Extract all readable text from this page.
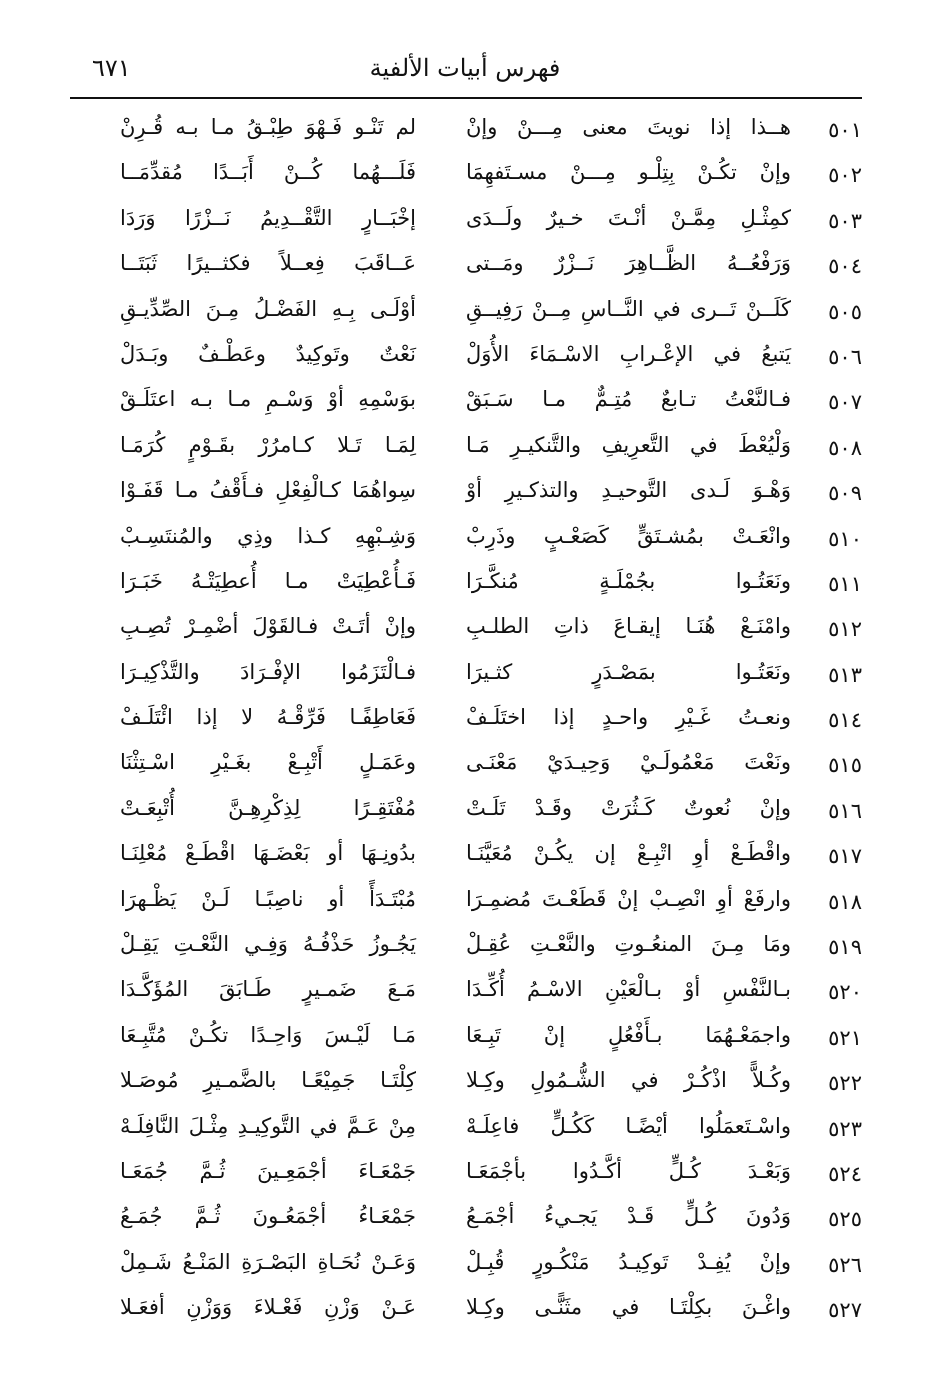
٦٧١	فهرس أبيات الألفية
٥٠١
هــذا إذا نويتَ معنى مِـــنْ وإنْ
لم تَنْـو فَـهْوَ طِبْـقُ مـا بـه قُـرِنْ
٥٠٢
وإنْ تكُـنْ بِتِلْـو مِـــنْ مسـتَفهِمَا
فَلَـــهُما كُــنْ أَبَــدًا مُقدِّمَــا
٥٠٣
كمِثْـلِ مِمَّـنْ أنْـتَ خـيرٌ ولَــدَى
إخْبَــارٍ التَّقْــدِيمُ نَــزْرًا وَرَدَا
٥٠٤
وَرَفْعُــهُ الظَّــاهِرَ نَــزْرٌ ومَــتى
عَــاقَبَ فِعــلاً فكثــيرًا ثَبَتَــا
٥٠٥
كَلَــنْ تَــرى في النَّــاسِ مِــنْ رَفِيــقِ
أوْلَـى بِـهِ الفَضْـلُ مِـنَ الصِّدِّيـقِ
٥٠٦
يَتبعُ في الإعْـرابِ الاسْـمَاءَ الأُوَلْ
نَعْتٌ وتَوكِيدٌ وعَطْـفٌ وبَـدَلْ
٥٠٧
فـالنَّعْتُ تـابعٌ مُتِـمٌّ مـا سَـبَقْ
بوَسْمِهِ أوْ وَسْـمِ مـا بـه اعتَلَـقْ
٥٠٨
وَلْيُعْطَ في التَّعرِيفِ والتَّنكيـرِ مَـا
لِمَـا تَـلا كـامرُرْ بقَـوْمٍ كُرَمَـا
٥٠٩
وَهْـوَ لَـدى التَّوحيـدِ والتذكـيرِ أوْ
سِواهُمَا كـالْفِعْلِ فـأَقْفُ مـا قَفَـوْا
٥١٠
وانْعَـتْ بمُشـتَقٍّ كَصَعْـبٍ وذَرِبْ
وَشِـبْهِهِ كـذا وذِي والمُنتَسِـبْ
٥١١
ونَعَتُـوا بجُمْلَـةٍ مُنكَّـرَا
فَـأُعْطِيَتْ مـا أُعطِيَتْـهُ خَبَـرَا
٥١٢
وامْنَـعْ هُنَـا إيقـاعَ ذاتِ الطلـبِ
وإنْ أتَـتْ فـالقَوْلَ أضْمِـرْ تُصِـبِ
٥١٣
ونَعَتُـوا بمَصْـدَرٍ كثـيرَا
فـالْتَزَمُوا الإفْـرَادَ والتَّذْكِيـرَا
٥١٤
ونعـتُ غَـيْرِ واحـدٍ إذا اختَلَـفْ
فَعَاطِفًـا فَرِّقْـهُ لا إذا ائْتَلَـفْ
٥١٥
ونَعْتَ مَعْمُولَـيْ وَحِيـدَيْ مَعْنَـى
وعَمَـلٍ أَتْبِـعْ بغَـيْرِ اسْـتِثْنَا
٥١٦
وإنْ نُعوتٌ كَـثُرَتْ وقَـدْ تَلَـتْ
مُفْتَقِـرًا لِذِكْرِهِـنَّ أُتْبِعَـتْ
٥١٧
واقْطَـعْ أوِ اتْبِـعْ إن يكُـنْ مُعَيَّنَـا
بدُونِـهَا أو بَعْضَـهَا اقْطَـعْ مُعْلِنَـا
٥١٨
وارفَعْ أوِ انْصِـبْ إنْ قَطَعْـتَ مُضمِـرَا
مُبْتَـدَأً أو ناصِبًـا لَـنْ يَظْـهرَا
٥١٩
ومَا مِـنَ المنعُـوتِ والنَّعْـتِ عُقِـلْ
يَجُـوزُ حَذْفُـهُ وَفِـي النَّعْـتِ يَقِـلْ
٥٢٠
بـالنَّفْسِ أوْ بـالْعَيْنِ الاسْـمُ أُكِّـدَا
مَـعَ ضَمـيرٍ طَـابَقَ المُؤَكَّـدَا
٥٢١
واجمَعْـهُمَا بـأَفْعُلٍ إنْ تَبِـعَا
مَـا لَيْـسَ وَاحِـدًا تكُـنْ مُتَّبِـعَا
٥٢٢
وكُـلاًّ اذْكُـرْ في الشُّـمُولِ وكِـلا
كِلْتَـا جَمِيْعًـا بالضَّمـيرِ مُوصَـلا
٥٢٣
واسْـتَعمَلُوا أيْضًـا كَكُـلٍّ فاعِلَـهْ
مِنْ عَـمَّ في التَّوكِيـدِ مِثْـلَ النَّافِلَـهْ
٥٢٤
وَبَعْـدَ كُـلٍّ أكَّـدُوا بأجْمَعَـا
جَمْعَـاءَ أجْمَعِـينَ ثُـمَّ جُمَعَـا
٥٢٥
وَدُونَ كُـلٍّ قَـدْ يَجـيءُ أجْمَـعُ
جَمْعَـاءُ أجْمَعُـونَ ثُـمَّ جُمَـعُ
٥٢٦
وإنْ يُفِـدْ تَوكِيـدُ مَنْكُـورٍ قُبِـلْ
وَعَـنْ نُحَـاةِ البَصْـرَةِ المَنْـعُ شَـمِلْ
٥٢٧
واغْـنَ بكِلْتَـا في مثَنًّـى وكِـلا
عَـنْ وَزْنِ فَعْـلاءَ وَوَزْنِ أفعَـلا
